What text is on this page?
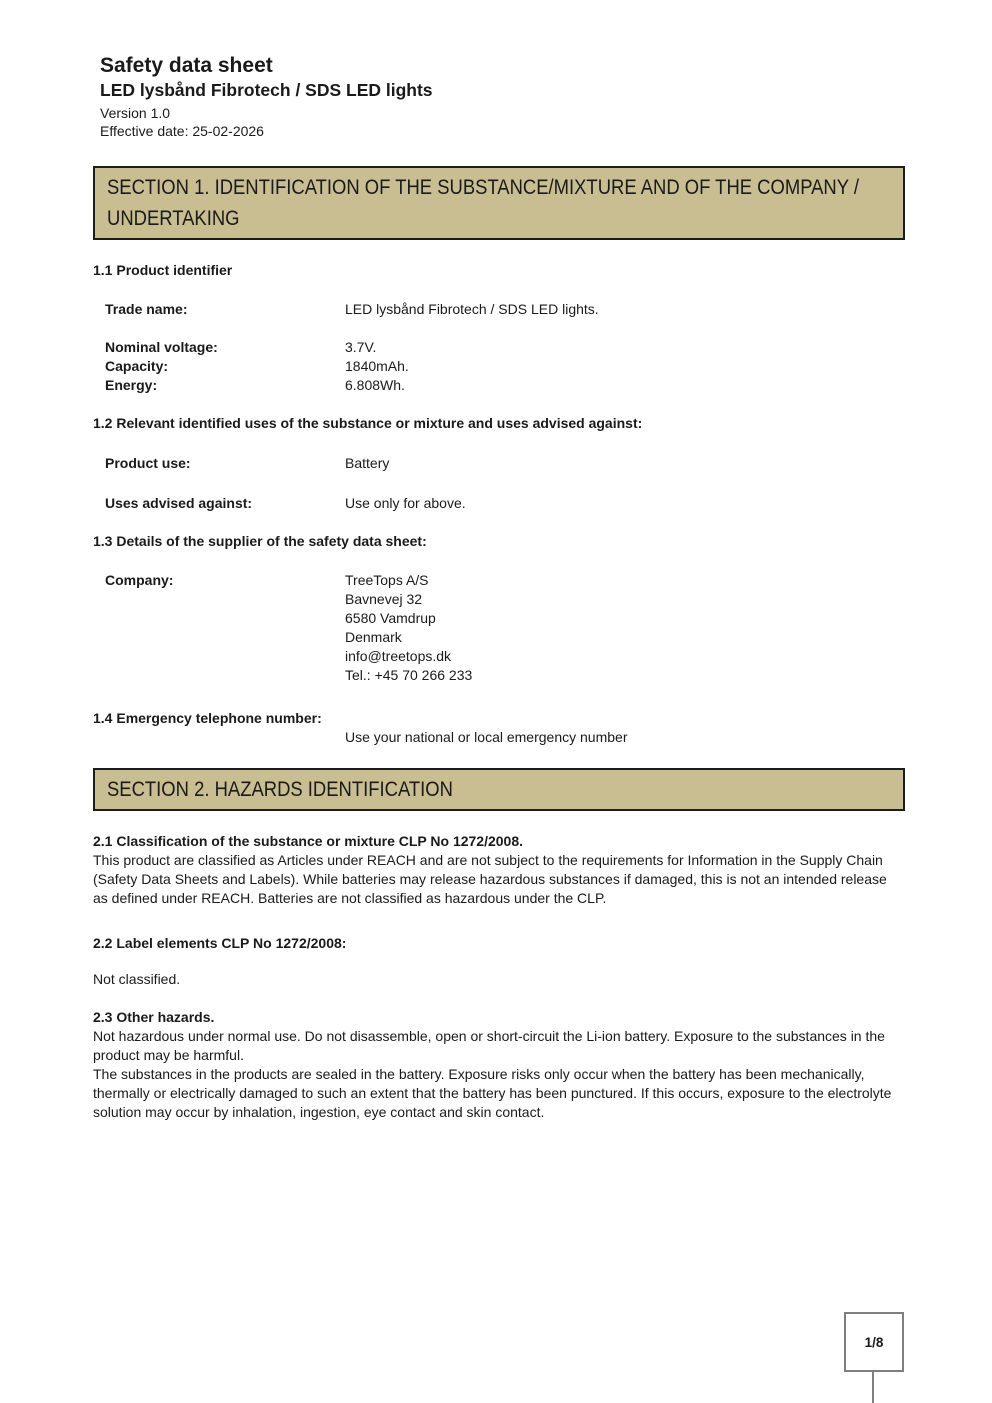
Safety data sheet
LED lysbånd Fibrotech / SDS LED lights
Version 1.0
Effective date: 25-02-2026
SECTION 1. IDENTIFICATION OF THE SUBSTANCE/MIXTURE AND OF THE COMPANY / UNDERTAKING
1.1 Product identifier
Trade name:	LED lysbånd Fibrotech / SDS LED lights.
Nominal voltage:	3.7V.
Capacity:	1840mAh.
Energy:	6.808Wh.
1.2 Relevant identified uses of the substance or mixture and uses advised against:
Product use:	Battery
Uses advised against:	Use only for above.
1.3 Details of the supplier of the safety data sheet:
Company:	TreeTops A/S
Bavnevej 32
6580 Vamdrup
Denmark
info@treetops.dk
Tel.: +45 70 266 233
1.4 Emergency telephone number:
Use your national or local emergency number
SECTION 2. HAZARDS IDENTIFICATION
2.1 Classification of the substance or mixture CLP No 1272/2008.
This product are classified as Articles under REACH and are not subject to the requirements for Information in the Supply Chain (Safety Data Sheets and Labels). While batteries may release hazardous substances if damaged, this is not an intended release as defined under REACH. Batteries are not classified as hazardous under the CLP.
2.2 Label elements CLP No 1272/2008:
Not classified.
2.3 Other hazards.
Not hazardous under normal use. Do not disassemble, open or short-circuit the Li-ion battery. Exposure to the substances in the product may be harmful.
The substances in the products are sealed in the battery. Exposure risks only occur when the battery has been mechanically, thermally or electrically damaged to such an extent that the battery has been punctured. If this occurs, exposure to the electrolyte solution may occur by inhalation, ingestion, eye contact and skin contact.
1/8
